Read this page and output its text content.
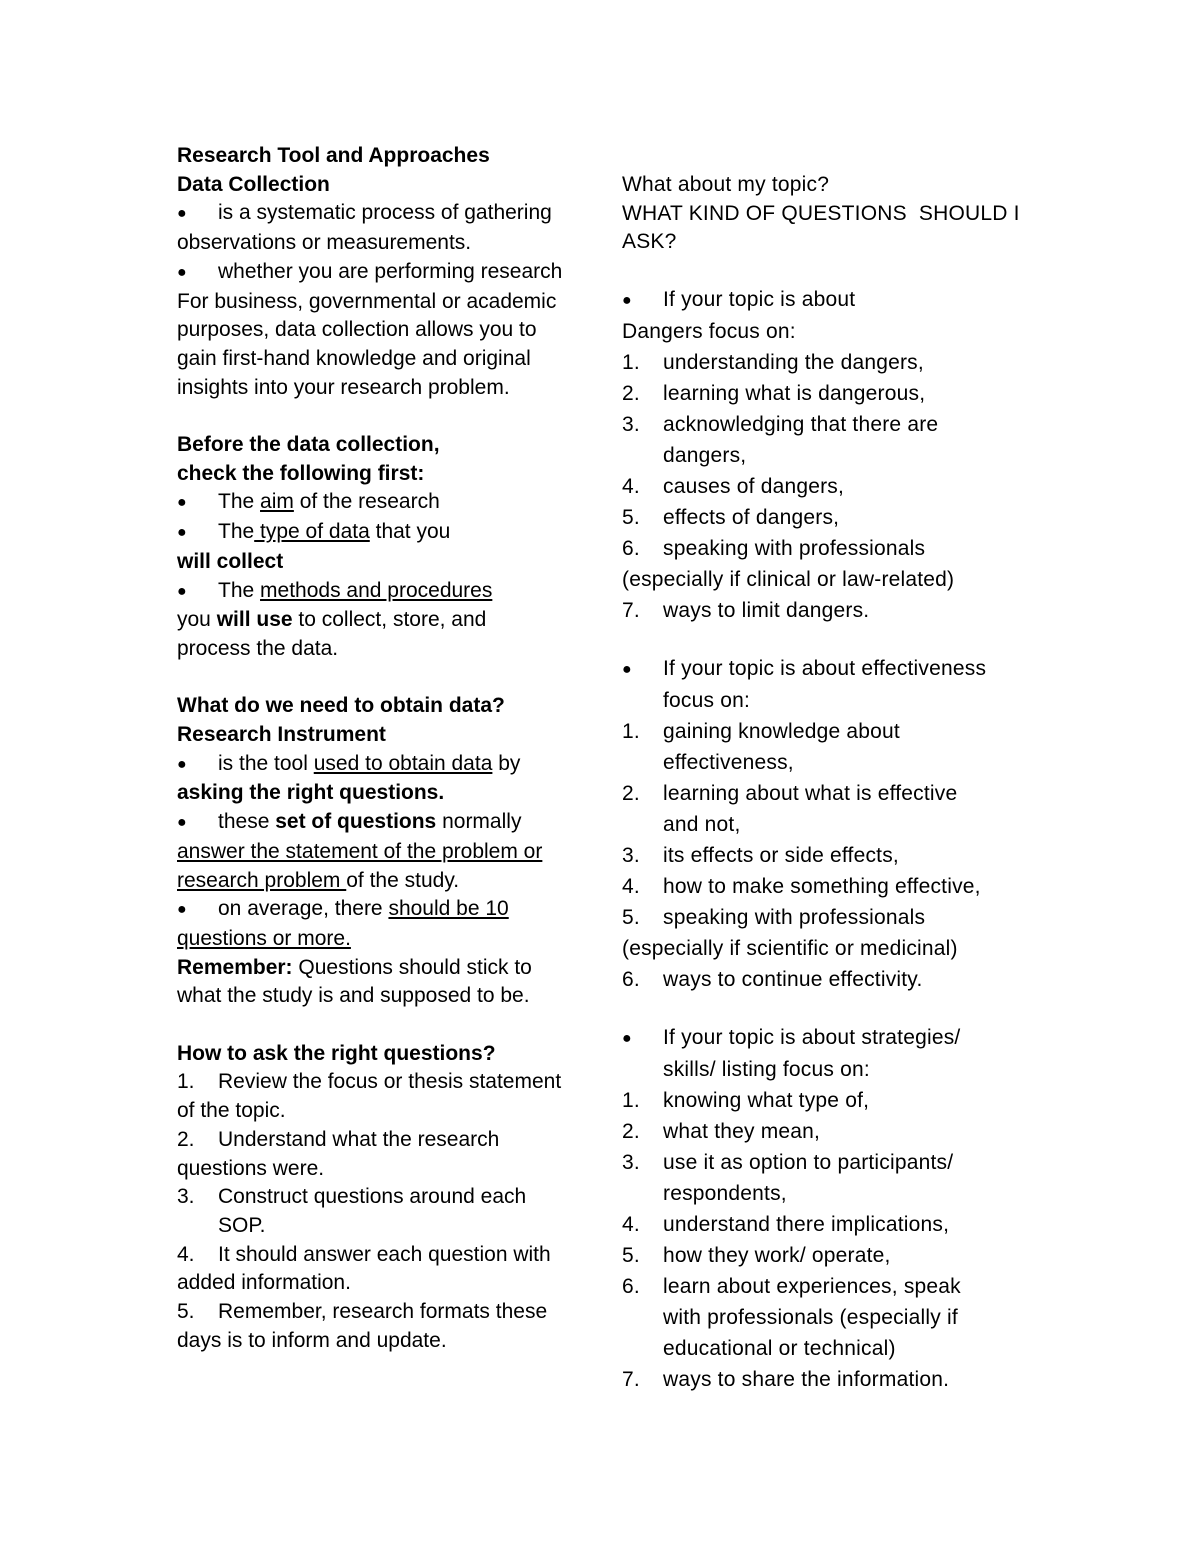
Research Tool and Approaches
Data Collection
● is a systematic process of gathering
observations or measurements.
● whether you are performing research
For business, governmental or academic
purposes, data collection allows you to
gain first-hand knowledge and original
insights into your research problem.
Before the data collection,
check the following first:
● The aim of the research
● The type of data that you
will collect
● The methods and procedures
you will use to collect, store, and
process the data.
What do we need to obtain data?
Research Instrument
● is the tool used to obtain data by
asking the right questions.
● these set of questions normally
answer the statement of the problem or
research problem of the study.
● on average, there should be 10
questions or more.
Remember: Questions should stick to
what the study is and supposed to be.
How to ask the right questions?
1. Review the focus or thesis statement
of the topic.
2. Understand what the research
questions were.
3. Construct questions around each
SOP.
4. It should answer each question with
added information.
5. Remember, research formats these
days is to inform and update.
What about my topic?
WHAT KIND OF QUESTIONS  SHOULD I
ASK?
● If your topic is about
Dangers focus on:
1. understanding the dangers,
2. learning what is dangerous,
3. acknowledging that there are
dangers,
4. causes of dangers,
5. effects of dangers,
6. speaking with professionals
(especially if clinical or law-related)
7. ways to limit dangers.
● If your topic is about effectiveness
focus on:
1. gaining knowledge about
effectiveness,
2. learning about what is effective
and not,
3. its effects or side effects,
4. how to make something effective,
5. speaking with professionals
(especially if scientific or medicinal)
6. ways to continue effectivity.
● If your topic is about strategies/
skills/ listing focus on:
1. knowing what type of,
2. what they mean,
3. use it as option to participants/
respondents,
4. understand there implications,
5. how they work/ operate,
6. learn about experiences, speak
with professionals (especially if
educational or technical)
7. ways to share the information.
